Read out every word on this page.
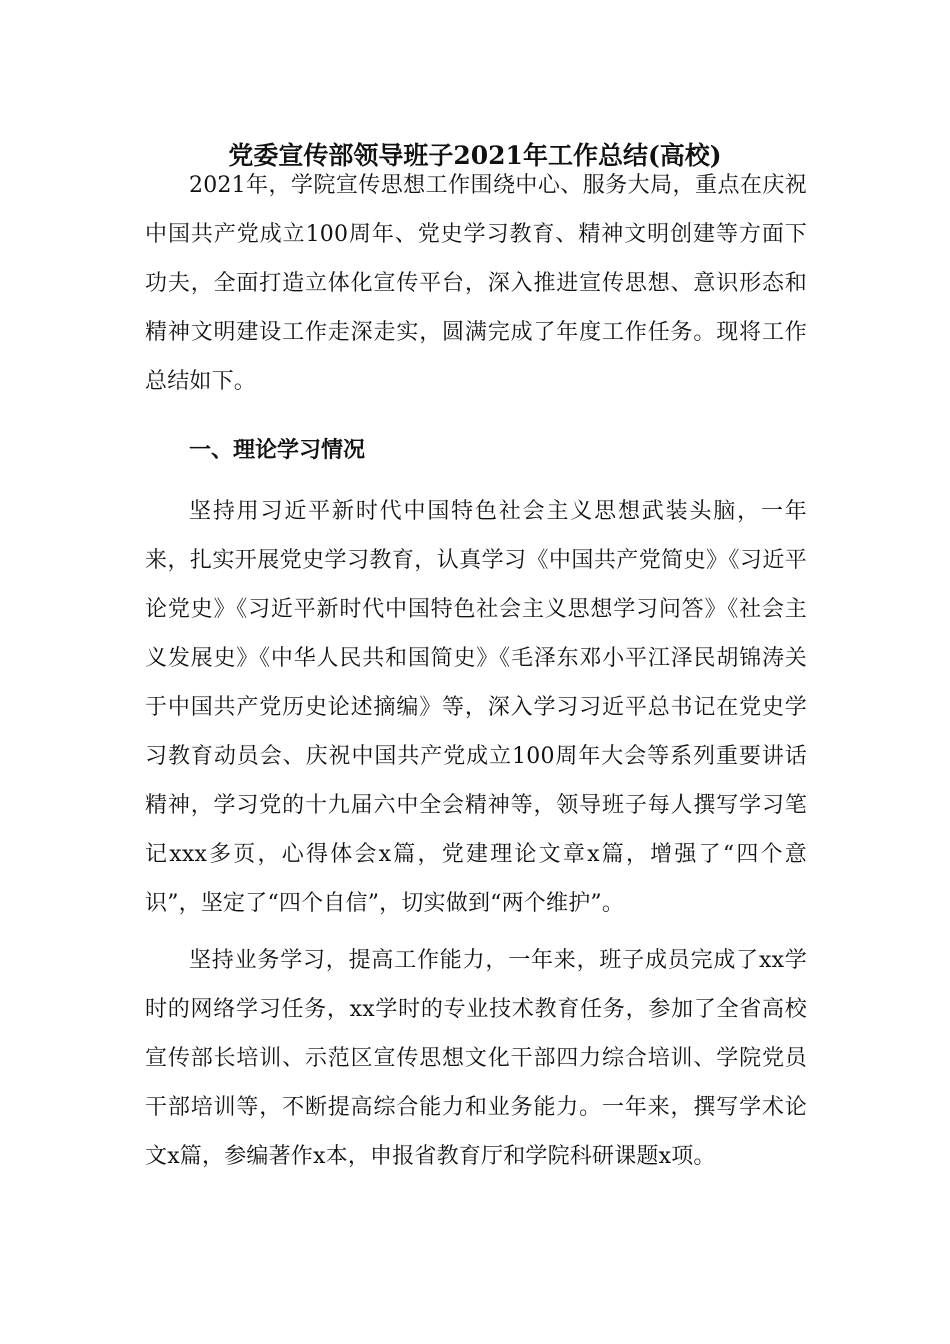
党委宣传部领导班子2021年工作总结(高校)

2021年，学院宣传思想工作围绕中心、服务大局，重点在庆祝中国共产党成立100周年、党史学习教育、精神文明创建等方面下功夫，全面打造立体化宣传平台，深入推进宣传思想、意识形态和精神文明建设工作走深走实，圆满完成了年度工作任务。现将工作总结如下。

一、理论学习情况

坚持用习近平新时代中国特色社会主义思想武装头脑，一年来，扎实开展党史学习教育，认真学习《中国共产党简史》《习近平论党史》《习近平新时代中国特色社会主义思想学习问答》《社会主义发展史》《中华人民共和国简史》《毛泽东邓小平江泽民胡锦涛关于中国共产党历史论述摘编》等，深入学习习近平总书记在党史学习教育动员会、庆祝中国共产党成立100周年大会等系列重要讲话精神，学习党的十九届六中全会精神等，领导班子每人撰写学习笔记xxx多页，心得体会x篇，党建理论文章x篇，增强了“四个意识”，坚定了“四个自信”，切实做到“两个维护”。

坚持业务学习，提高工作能力，一年来，班子成员完成了xx学时的网络学习任务，xx学时的专业技术教育任务，参加了全省高校宣传部长培训、示范区宣传思想文化干部四力综合培训、学院党员干部培训等，不断提高综合能力和业务能力。一年来，撰写学术论文x篇，参编著作x本，申报省教育厅和学院科研课题x项。
